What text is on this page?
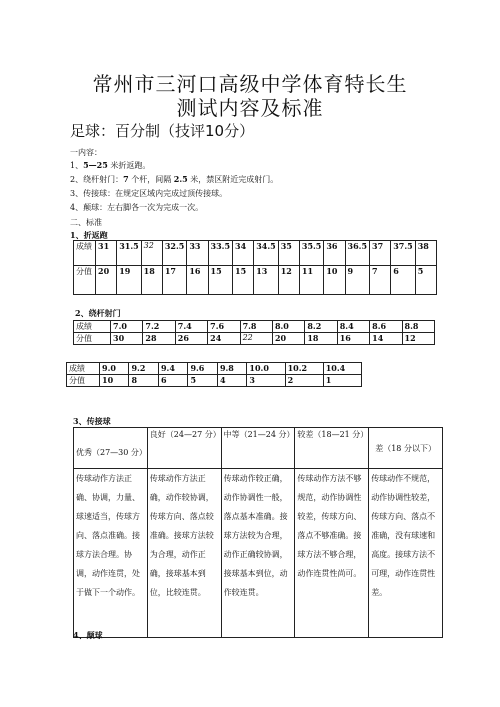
常州市三河口高级中学体育特长生
测试内容及标准
足球：百分制（技评10分）
一内容：
1、5—25 米折返跑。
2、绕杆射门：7 个杆，间隔 2.5 米，禁区附近完成射门。
3、传接球：在规定区域内完成过顶传接球。
4、颠球：左右脚各一次为完成一次。
二、标准
1、折返跑
成绩	31	31.5	32	32.5	33	33.5	34	34.5	35	35.5	36	36.5	37	37.5	38
分值	20	19	18	17	16	15	15	13	12	11	10	9	7	6	5
2、绕杆射门
成绩	7.0	7.2	7.4	7.6	7.8	8.0	8.2	8.4	8.6	8.8
分值	30	28	26	24	22	20	18	16	14	12
成绩	9.0	9.2	9.4	9.6	9.8	10.0	10.2	10.4
分值	10	8	6	5	4	3	2	1
3、传接球
优秀（27—30 分）	良好（24—27 分）	中等（21—24 分）	较差（18—21 分）	差（18 分以下）
传球动作方法正确、协调，力量、球速适当，传球方向、落点准确。接球方法合理。协调，动作连贯，处于做下一个动作。	传球动作方法正确，动作较协调，传球方向、落点较准确。接球方法较为合理，动作正确，接球基本到位，比较连贯。	传球动作较正确，动作协调性一般，落点基本准确。接球方法较为合理，动作正确较协调，接球基本到位，动作较连贯。	传球动作方法不够规范，动作协调性较差，传球方向、落点不够准确。接球方法不够合理，动作连贯性尚可。	传球动作不规范，动作协调性较差，传球方向、落点不准确，没有球速和高度。接球方法不可理，动作连贯性差。
4、颠球
